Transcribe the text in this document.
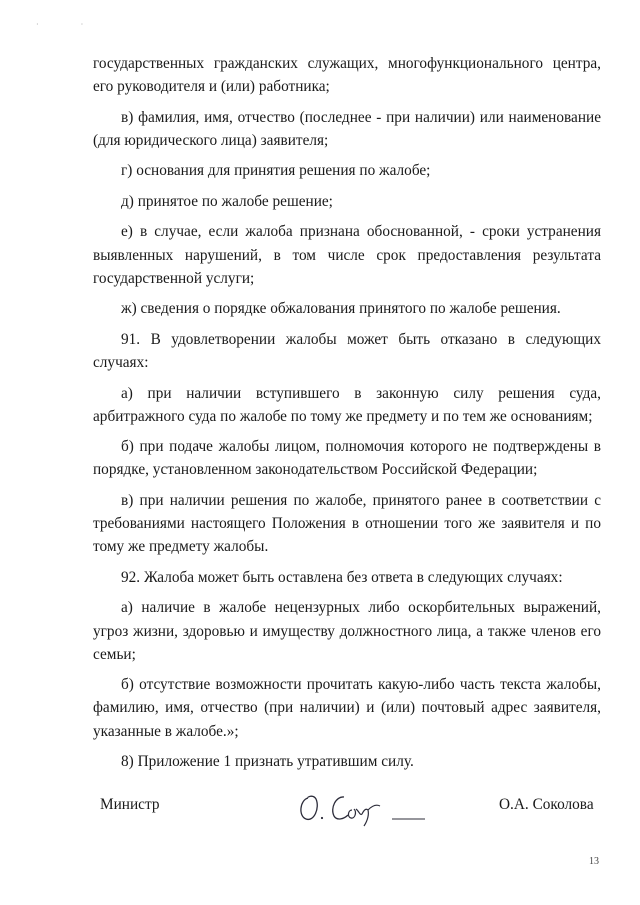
· ·

государственных гражданских служащих, многофункционального центра, его руководителя и (или) работника;

в) фамилия, имя, отчество (последнее - при наличии) или наименование (для юридического лица) заявителя;

г) основания для принятия решения по жалобе;

д) принятое по жалобе решение;

е) в случае, если жалоба признана обоснованной, - сроки устранения выявленных нарушений, в том числе срок предоставления результата государственной услуги;

ж) сведения о порядке обжалования принятого по жалобе решения.

91. В удовлетворении жалобы может быть отказано в следующих случаях:

а) при наличии вступившего в законную силу решения суда, арбитражного суда по жалобе по тому же предмету и по тем же основаниям;

б) при подаче жалобы лицом, полномочия которого не подтверждены в порядке, установленном законодательством Российской Федерации;

в) при наличии решения по жалобе, принятого ранее в соответствии с требованиями настоящего Положения в отношении того же заявителя и по тому же предмету жалобы.

92. Жалоба может быть оставлена без ответа в следующих случаях:

а) наличие в жалобе нецензурных либо оскорбительных выражений, угроз жизни, здоровью и имуществу должностного лица, а также членов его семьи;

б) отсутствие возможности прочитать какую-либо часть текста жалобы, фамилию, имя, отчество (при наличии) и (или) почтовый адрес заявителя, указанные в жалобе.»;

8) Приложение 1 признать утратившим силу.

Министр	О.А. Соколова
13
